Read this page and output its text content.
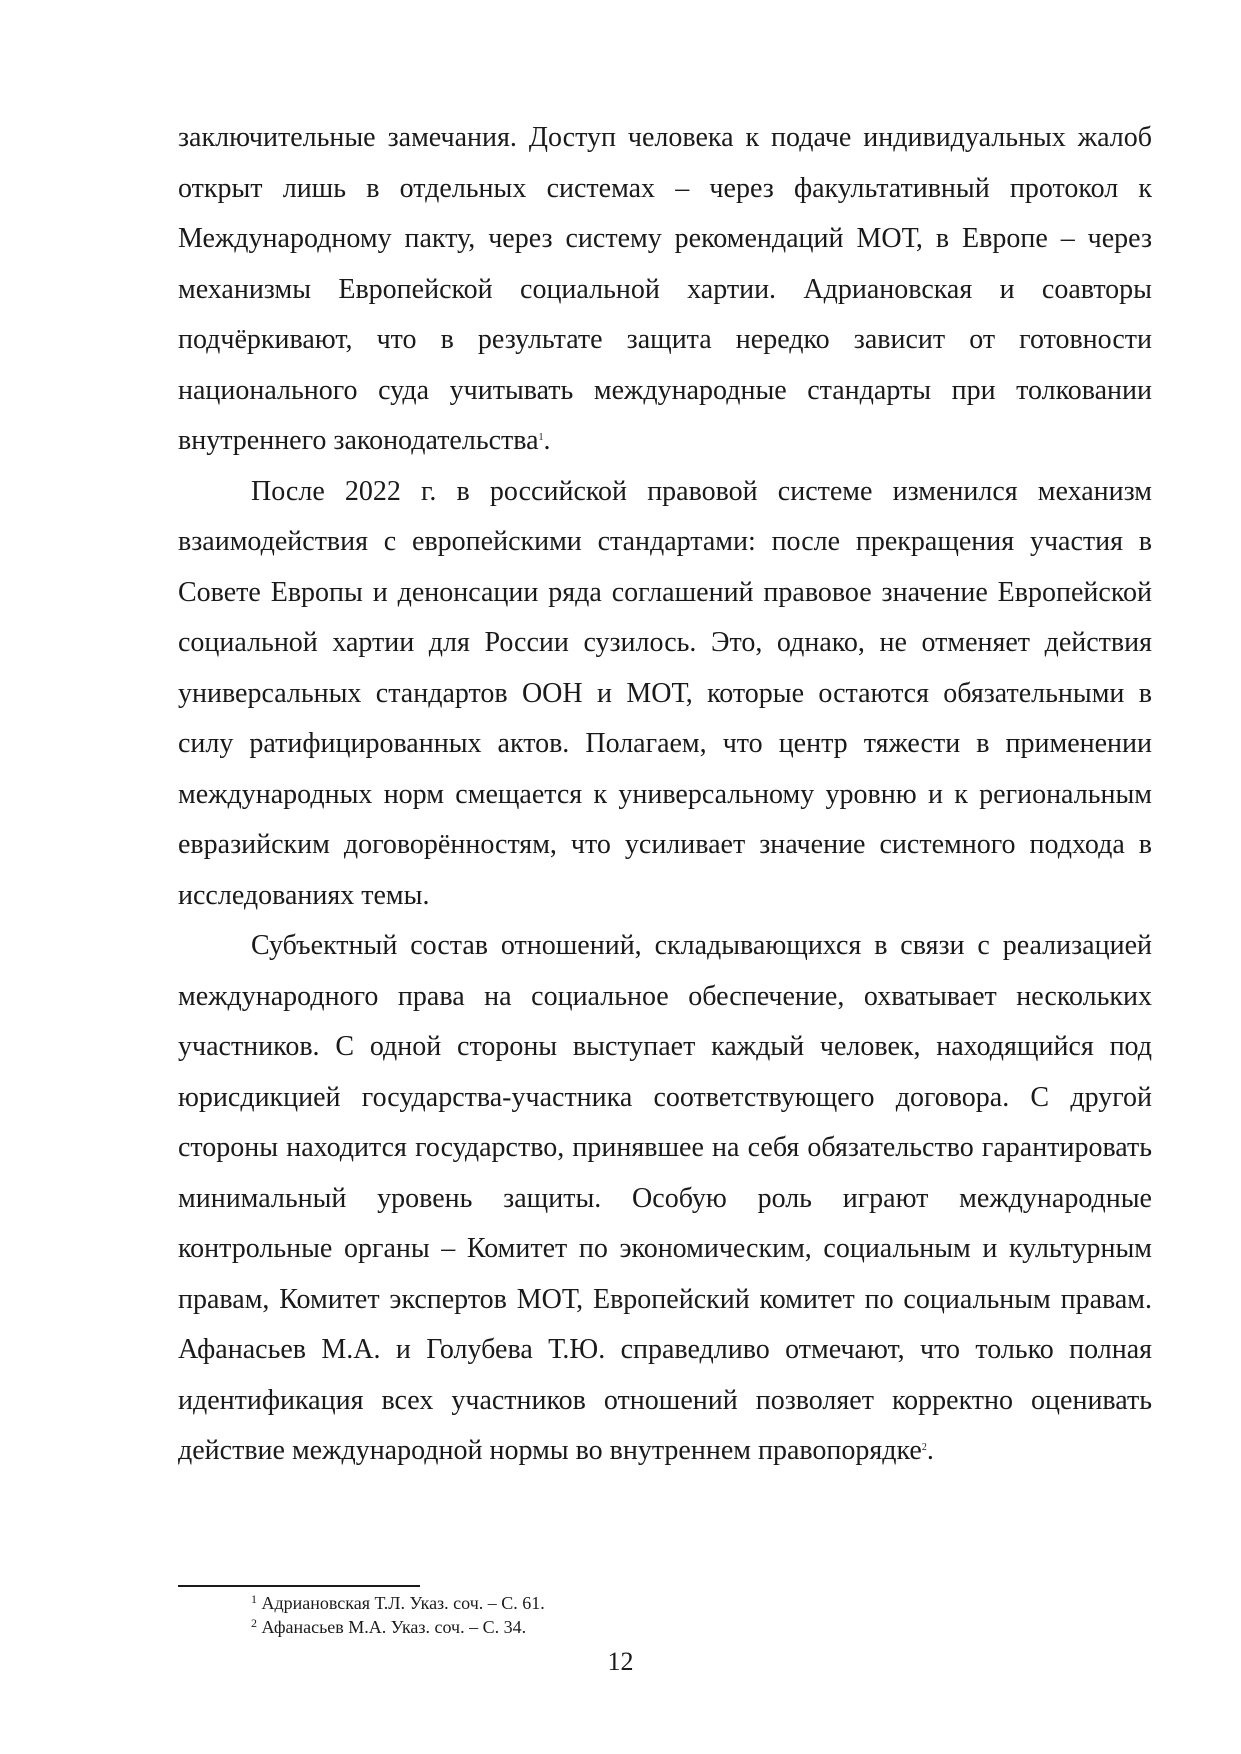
заключительные замечания. Доступ человека к подаче индивидуальных жалоб открыт лишь в отдельных системах – через факультативный протокол к Международному пакту, через систему рекомендаций МОТ, в Европе – через механизмы Европейской социальной хартии. Адриановская и соавторы подчёркивают, что в результате защита нередко зависит от готовности национального суда учитывать международные стандарты при толковании внутреннего законодательства$^1$.

После 2022 г. в российской правовой системе изменился механизм взаимодействия с европейскими стандартами: после прекращения участия в Совете Европы и денонсации ряда соглашений правовое значение Европейской социальной хартии для России сузилось. Это, однако, не отменяет действия универсальных стандартов ООН и МОТ, которые остаются обязательными в силу ратифицированных актов. Полагаем, что центр тяжести в применении международных норм смещается к универсальному уровню и к региональным евразийским договорённостям, что усиливает значение системного подхода в исследованиях темы.

Субъектный состав отношений, складывающихся в связи с реализацией международного права на социальное обеспечение, охватывает нескольких участников. С одной стороны выступает каждый человек, находящийся под юрисдикцией государства-участника соответствующего договора. С другой стороны находится государство, принявшее на себя обязательство гарантировать минимальный уровень защиты. Особую роль играют международные контрольные органы – Комитет по экономическим, социальным и культурным правам, Комитет экспертов МОТ, Европейский комитет по социальным правам. Афанасьев М.А. и Голубева Т.Ю. справедливо отмечают, что только полная идентификация всех участников отношений позволяет корректно оценивать действие международной нормы во внутреннем правопорядке$^2$.

$^1$ Адриановская Т.Л. Указ. соч. – С. 61.

$^2$ Афанасьев М.А. Указ. соч. – С. 34.

12
